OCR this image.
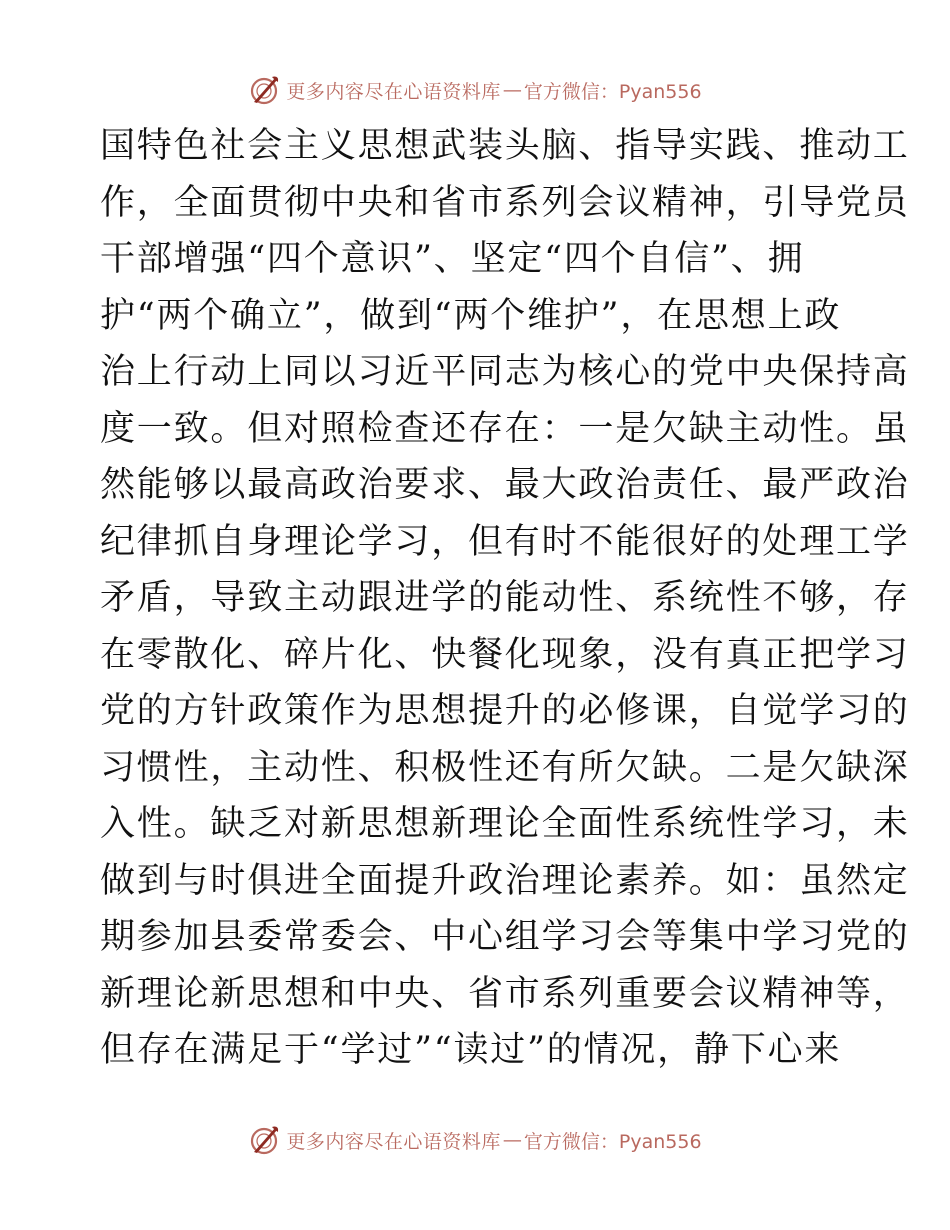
更多内容尽在心语资料库 — 官方微信：Pyan556
国特色社会主义思想武装头脑、指导实践、推动工
作，全面贯彻中央和省市系列会议精神，引导党员
干部增强“四个意识”、坚定“四个自信”、拥
护“两个确立”，做到“两个维护”，在思想上政
治上行动上同以习近平同志为核心的党中央保持高
度一致。但对照检查还存在：一是欠缺主动性。虽
然能够以最高政治要求、最大政治责任、最严政治
纪律抓自身理论学习，但有时不能很好的处理工学
矛盾，导致主动跟进学的能动性、系统性不够，存
在零散化、碎片化、快餐化现象，没有真正把学习
党的方针政策作为思想提升的必修课，自觉学习的
习惯性，主动性、积极性还有所欠缺。二是欠缺深
入性。缺乏对新思想新理论全面性系统性学习，未
做到与时俱进全面提升政治理论素养。如：虽然定
期参加县委常委会、中心组学习会等集中学习党的
新理论新思想和中央、省市系列重要会议精神等，
但存在满足于“学过”“读过”的情况，静下心来
更多内容尽在心语资料库 — 官方微信：Pyan556
